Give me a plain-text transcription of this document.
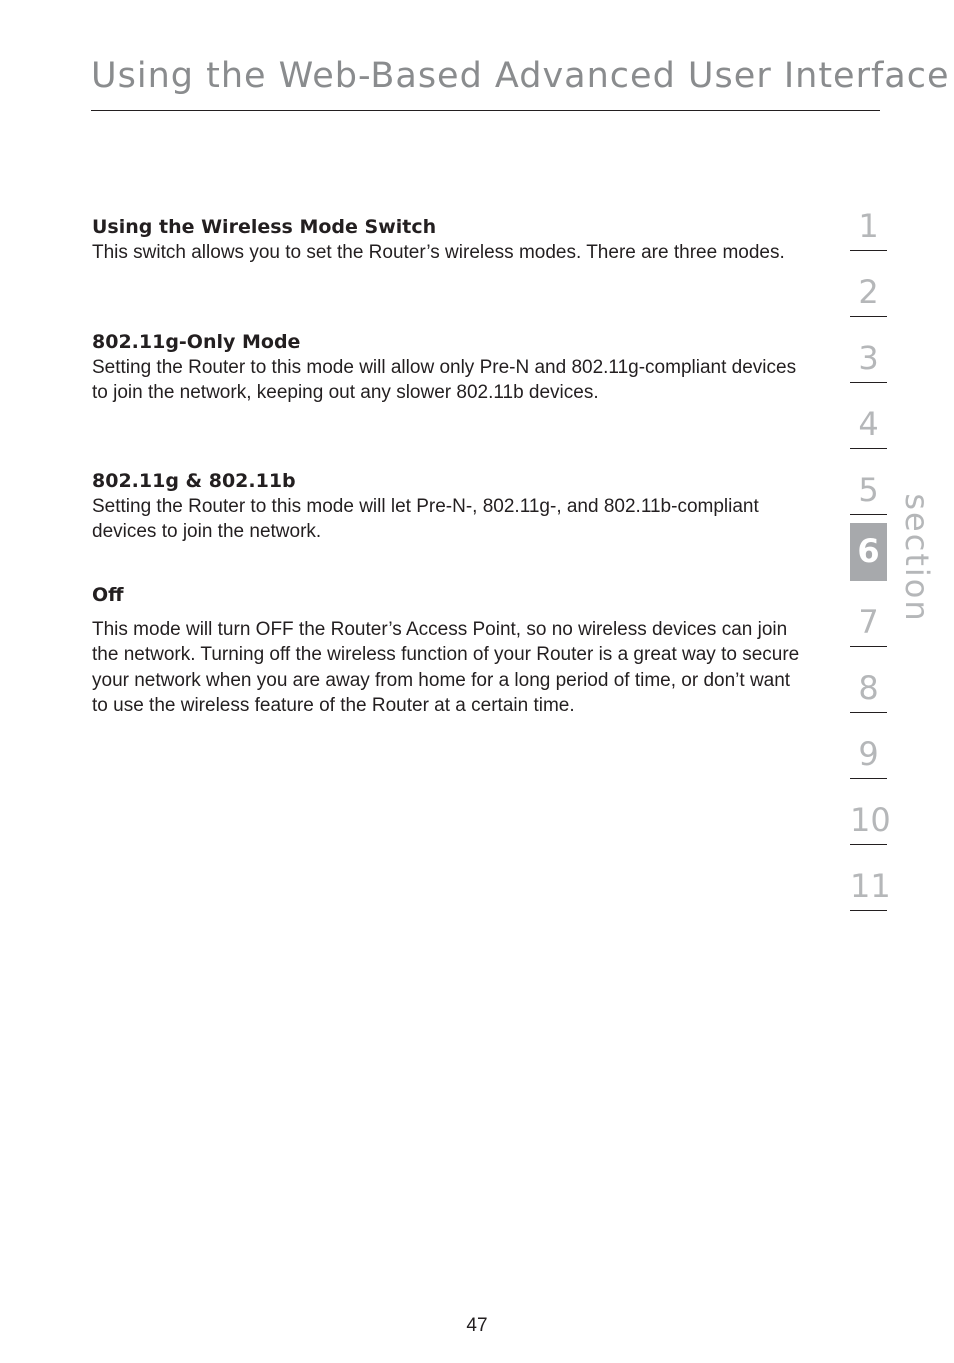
Using the Web-Based Advanced User Interface
Using the Wireless Mode Switch

This switch allows you to set the Router’s wireless modes. There are three modes.

802.11g-Only Mode

Setting the Router to this mode will allow only Pre-N and 802.11g-compliant devices to join the network, keeping out any slower 802.11b devices.

802.11g & 802.11b

Setting the Router to this mode will let Pre-N-, 802.11g-, and 802.11b-compliant devices to join the network.

Off

This mode will turn OFF the Router’s Access Point, so no wireless devices can join the network. Turning off the wireless function of your Router is a great way to secure your network when you are away from home for a long period of time, or don’t want to use the wireless feature of the Router at a certain time.

1
2
3
4
5
6
7
8
9
10
11
section
47
